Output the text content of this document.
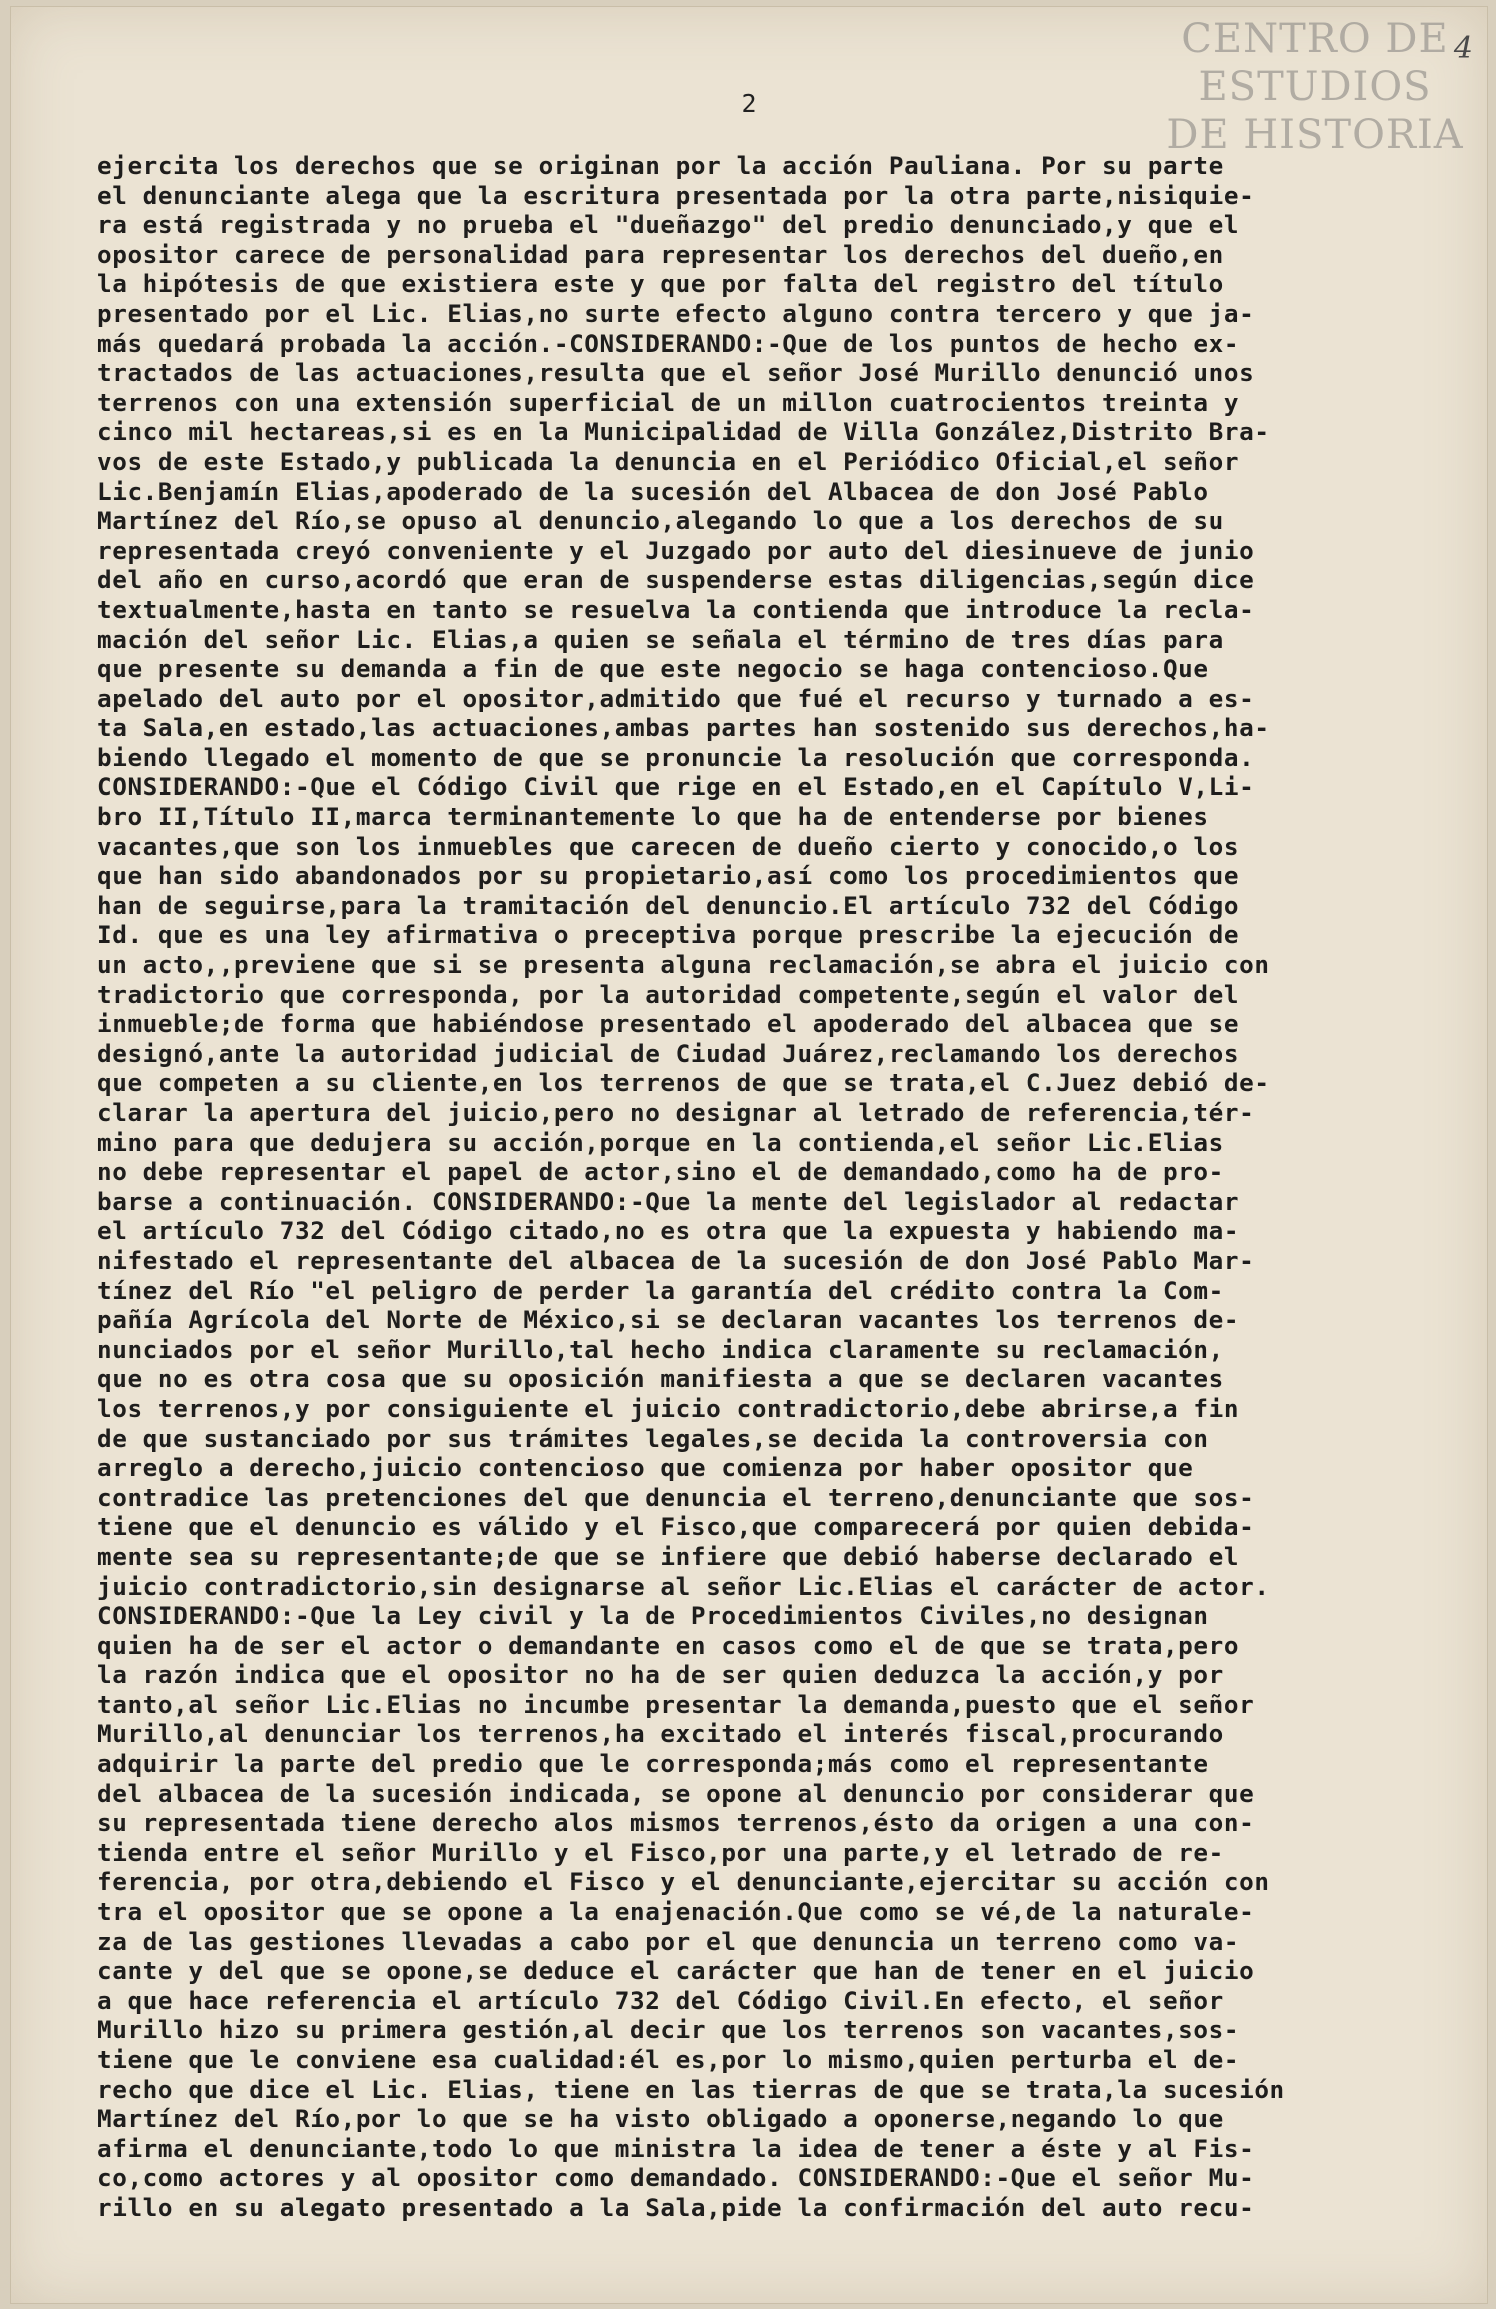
CENTRO DE
ESTUDIOS
DE HISTORIA
4
2
ejercita los derechos que se originan por la acción Pauliana. Por su parte
el denunciante alega que la escritura presentada por la otra parte,nisiquie-
ra está registrada y no prueba el "dueñazgo" del predio denunciado,y que el
opositor carece de personalidad para representar los derechos del dueño,en
la hipótesis de que existiera este y que por falta del registro del título
presentado por el Lic. Elias,no surte efecto alguno contra tercero y que ja-
más quedará probada la acción.-CONSIDERANDO:-Que de los puntos de hecho ex-
tractados de las actuaciones,resulta que el señor José Murillo denunció unos
terrenos con una extensión superficial de un millon cuatrocientos treinta y
cinco mil hectareas,si es en la Municipalidad de Villa González,Distrito Bra-
vos de este Estado,y publicada la denuncia en el Periódico Oficial,el señor
Lic.Benjamín Elias,apoderado de la sucesión del Albacea de don José Pablo
Martínez del Río,se opuso al denuncio,alegando lo que a los derechos de su
representada creyó conveniente y el Juzgado por auto del diesinueve de junio
del año en curso,acordó que eran de suspenderse estas diligencias,según dice
textualmente,hasta en tanto se resuelva la contienda que introduce la recla-
mación del señor Lic. Elias,a quien se señala el término de tres días para
que presente su demanda a fin de que este negocio se haga contencioso.Que
apelado del auto por el opositor,admitido que fué el recurso y turnado a es-
ta Sala,en estado,las actuaciones,ambas partes han sostenido sus derechos,ha-
biendo llegado el momento de que se pronuncie la resolución que corresponda.
CONSIDERANDO:-Que el Código Civil que rige en el Estado,en el Capítulo V,Li-
bro II,Título II,marca terminantemente lo que ha de entenderse por bienes
vacantes,que son los inmuebles que carecen de dueño cierto y conocido,o los
que han sido abandonados por su propietario,así como los procedimientos que
han de seguirse,para la tramitación del denuncio.El artículo 732 del Código
Id. que es una ley afirmativa o preceptiva porque prescribe la ejecución de
un acto,,previene que si se presenta alguna reclamación,se abra el juicio con
tradictorio que corresponda, por la autoridad competente,según el valor del
inmueble;de forma que habiéndose presentado el apoderado del albacea que se
designó,ante la autoridad judicial de Ciudad Juárez,reclamando los derechos
que competen a su cliente,en los terrenos de que se trata,el C.Juez debió de-
clarar la apertura del juicio,pero no designar al letrado de referencia,tér-
mino para que dedujera su acción,porque en la contienda,el señor Lic.Elias
no debe representar el papel de actor,sino el de demandado,como ha de pro-
barse a continuación. CONSIDERANDO:-Que la mente del legislador al redactar
el artículo 732 del Código citado,no es otra que la expuesta y habiendo ma-
nifestado el representante del albacea de la sucesión de don José Pablo Mar-
tínez del Río "el peligro de perder la garantía del crédito contra la Com-
pañía Agrícola del Norte de México,si se declaran vacantes los terrenos de-
nunciados por el señor Murillo,tal hecho indica claramente su reclamación,
que no es otra cosa que su oposición manifiesta a que se declaren vacantes
los terrenos,y por consiguiente el juicio contradictorio,debe abrirse,a fin
de que sustanciado por sus trámites legales,se decida la controversia con
arreglo a derecho,juicio contencioso que comienza por haber opositor que
contradice las pretenciones del que denuncia el terreno,denunciante que sos-
tiene que el denuncio es válido y el Fisco,que comparecerá por quien debida-
mente sea su representante;de que se infiere que debió haberse declarado el
juicio contradictorio,sin designarse al señor Lic.Elias el carácter de actor.
CONSIDERANDO:-Que la Ley civil y la de Procedimientos Civiles,no designan
quien ha de ser el actor o demandante en casos como el de que se trata,pero
la razón indica que el opositor no ha de ser quien deduzca la acción,y por
tanto,al señor Lic.Elias no incumbe presentar la demanda,puesto que el señor
Murillo,al denunciar los terrenos,ha excitado el interés fiscal,procurando
adquirir la parte del predio que le corresponda;más como el representante
del albacea de la sucesión indicada, se opone al denuncio por considerar que
su representada tiene derecho alos mismos terrenos,ésto da origen a una con-
tienda entre el señor Murillo y el Fisco,por una parte,y el letrado de re-
ferencia, por otra,debiendo el Fisco y el denunciante,ejercitar su acción con
tra el opositor que se opone a la enajenación.Que como se vé,de la naturale-
za de las gestiones llevadas a cabo por el que denuncia un terreno como va-
cante y del que se opone,se deduce el carácter que han de tener en el juicio
a que hace referencia el artículo 732 del Código Civil.En efecto, el señor
Murillo hizo su primera gestión,al decir que los terrenos son vacantes,sos-
tiene que le conviene esa cualidad:él es,por lo mismo,quien perturba el de-
recho que dice el Lic. Elias, tiene en las tierras de que se trata,la sucesión
Martínez del Río,por lo que se ha visto obligado a oponerse,negando lo que
afirma el denunciante,todo lo que ministra la idea de tener a éste y al Fis-
co,como actores y al opositor como demandado. CONSIDERANDO:-Que el señor Mu-
rillo en su alegato presentado a la Sala,pide la confirmación del auto recu-
